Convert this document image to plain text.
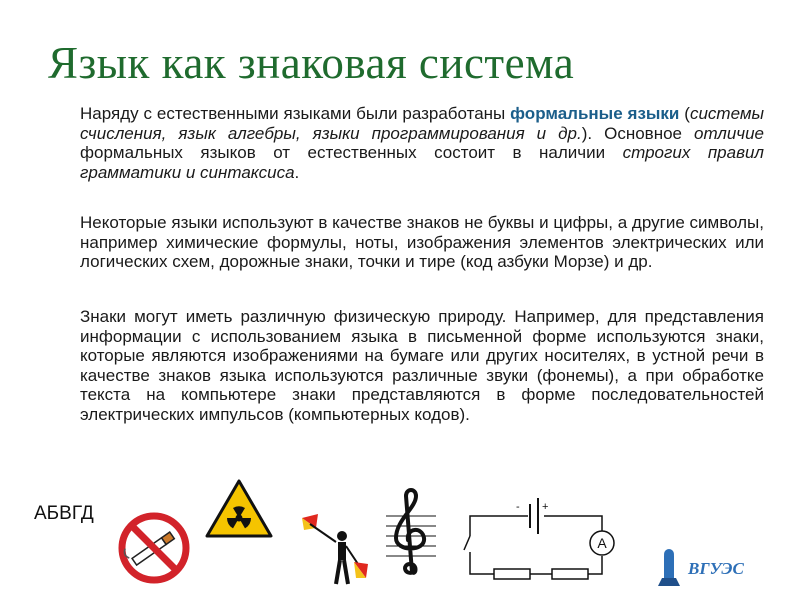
Язык как знаковая система
Наряду с естественными языками были разработаны формальные языки (системы счисления, язык алгебры, языки программирования и др.). Основное отличие формальных языков от естественных состоит в наличии строгих правил грамматики и синтаксиса.
Некоторые языки используют в качестве знаков не буквы и цифры, а другие символы, например химические формулы, ноты, изображения элементов электрических или логических схем, дорожные знаки, точки и тире (код азбуки Морзе) и др.
Знаки могут иметь различную физическую природу. Например, для представления информации с использованием языка в письменной форме используются знаки, которые являются изображениями на бумаге или других носителях, в устной речи в качестве знаков языка используются различные звуки (фонемы), а при обработке текста на компьютере знаки представляются в форме последовательностей электрических импульсов (компьютерных кодов).
АБВГД	- +
A
ВГУЭС
